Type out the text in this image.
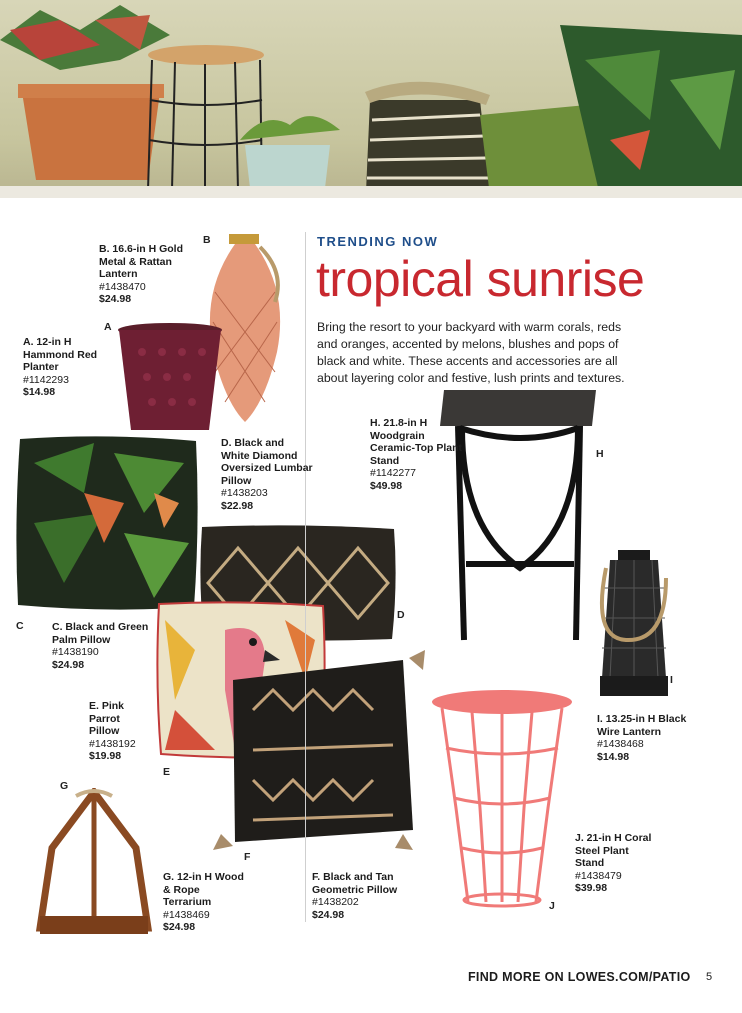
TRENDING NOW
tropical sunrise
Bring the resort to your backyard with warm corals, reds and oranges, accented by melons, blushes and pops of black and white. These accents and accessories are all about layering color and festive, lush prints and textures.
B
A
C
D
E
F
G
H
I
J
B. 16.6-in H Gold Metal & Rattan Lantern
#1438470
$24.98
A. 12-in H Hammond Red Planter
#1142293
$14.98
D. Black and White Diamond Oversized Lumbar Pillow
#1438203
$22.98
C. Black and Green Palm Pillow
#1438190
$24.98
E. Pink Parrot Pillow
#1438192
$19.98
G. 12-in H Wood & Rope Terrarium
#1438469
$24.98
F. Black and Tan Geometric Pillow
#1438202
$24.98
H. 21.8-in H Woodgrain Ceramic-Top Plant Stand
#1142277
$49.98
I. 13.25-in H Black Wire Lantern
#1438468
$14.98
J. 21-in H Coral Steel Plant Stand
#1438479
$39.98
FIND MORE ON LOWES.COM/PATIO 5
